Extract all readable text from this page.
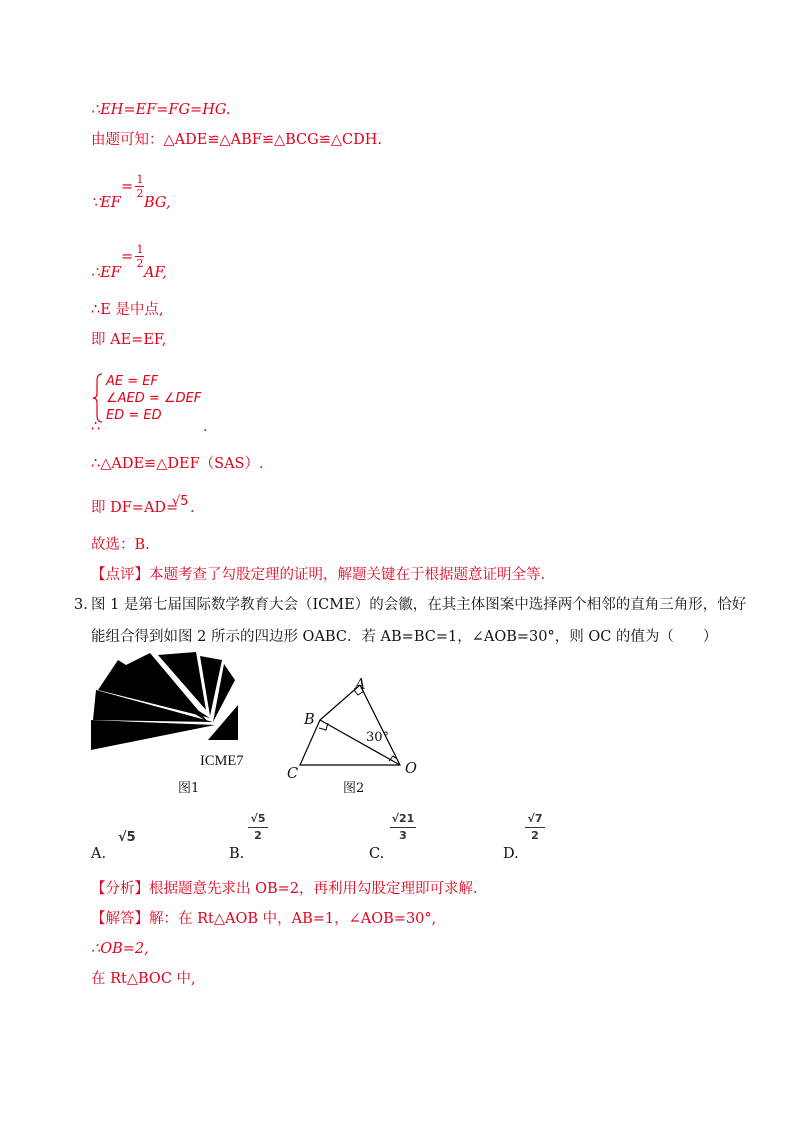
∴EH=EF=FG=HG.
由题可知：△ADE≌△ABF≌△BCG≌△CDH.
∵EF
= 1
2
BG,
∴EF
= 1
2
AF,
∴E 是中点,
即 AE=EF,
AE = EF
∠AED = ∠DEF
ED = ED
∴	.
∴△ADE≌△DEF（SAS）.
即 DF=AD=
√5 .
故选：B.
【点评】本题考查了勾股定理的证明，解题关键在于根据题意证明全等.
3. 图 1 是第七届国际数学教育大会（ICME）的会徽，在其主体图案中选择两个相邻的直角三角形，恰好
能组合得到如图 2 所示的四边形 OABC．若 AB=BC=1，∠AOB=30°，则 OC 的值为（　　）
ICME7
图1
A
B
C	O
30°
图2
A.
√5
B.
√5
2
C.
√21
3
D.
√7
2
【分析】根据题意先求出 OB=2，再利用勾股定理即可求解.
【解答】解：在 Rt△AOB 中，AB=1，∠AOB=30°,
∴OB=2,
在 Rt△BOC 中,
